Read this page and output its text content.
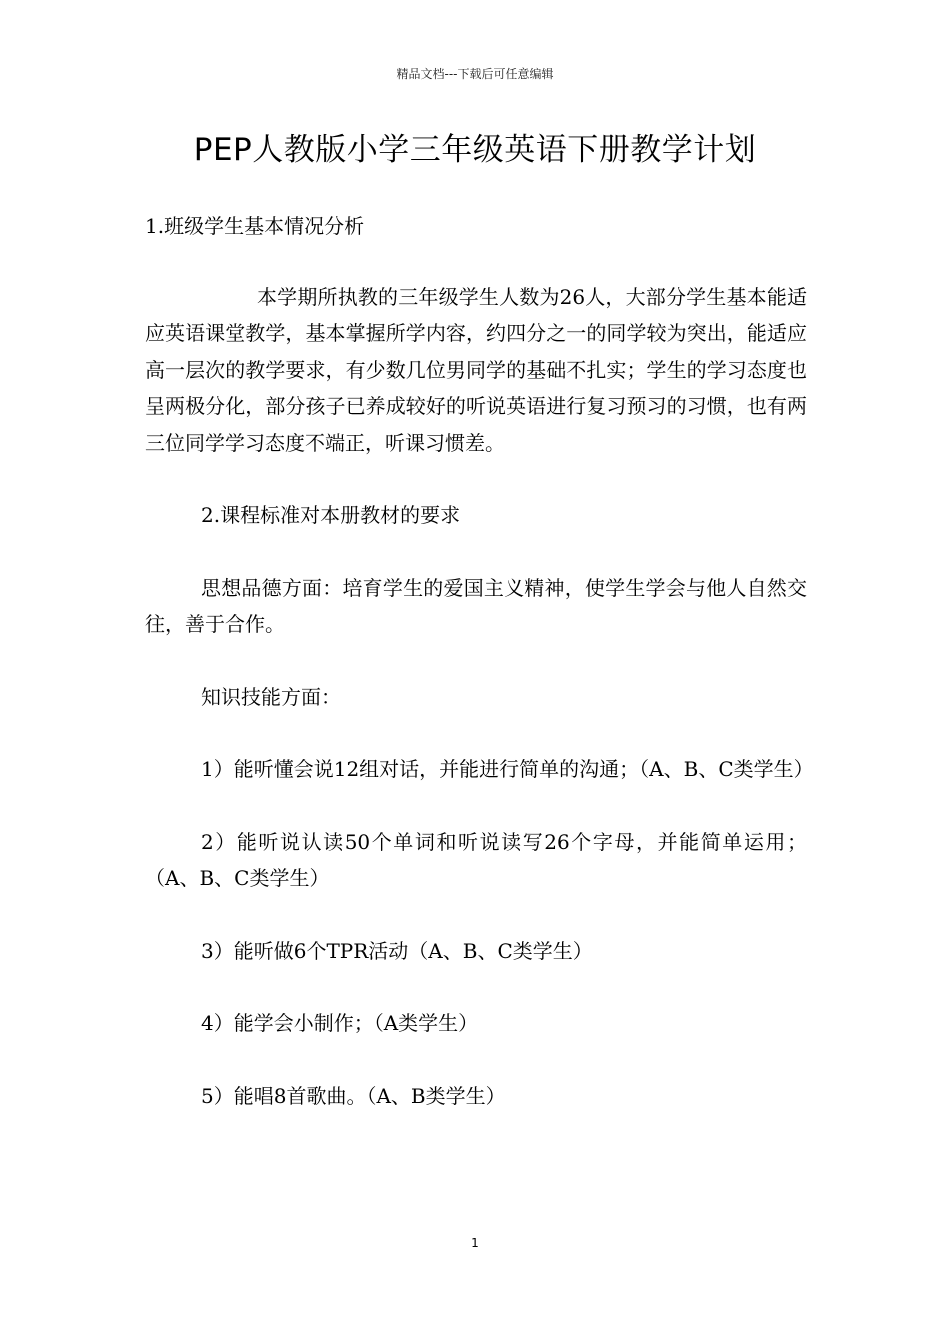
精品文档---下载后可任意编辑
PEP人教版小学三年级英语下册教学计划

1.班级学生基本情况分析

本学期所执教的三年级学生人数为26人，大部分学生基本能适应英语课堂教学，基本掌握所学内容，约四分之一的同学较为突出，能适应高一层次的教学要求，有少数几位男同学的基础不扎实；学生的学习态度也呈两极分化，部分孩子已养成较好的听说英语进行复习预习的习惯，也有两三位同学学习态度不端正，听课习惯差。

2.课程标准对本册教材的要求

思想品德方面：培育学生的爱国主义精神，使学生学会与他人自然交往，善于合作。

知识技能方面：

1）能听懂会说12组对话，并能进行简单的沟通；（A、B、C类学生）

2）能听说认读50个单词和听说读写26个字母，并能简单运用；（A、B、C类学生）

3）能听做6个TPR活动（A、B、C类学生）

4）能学会小制作；（A类学生）

5）能唱8首歌曲。（A、B类学生）

1
